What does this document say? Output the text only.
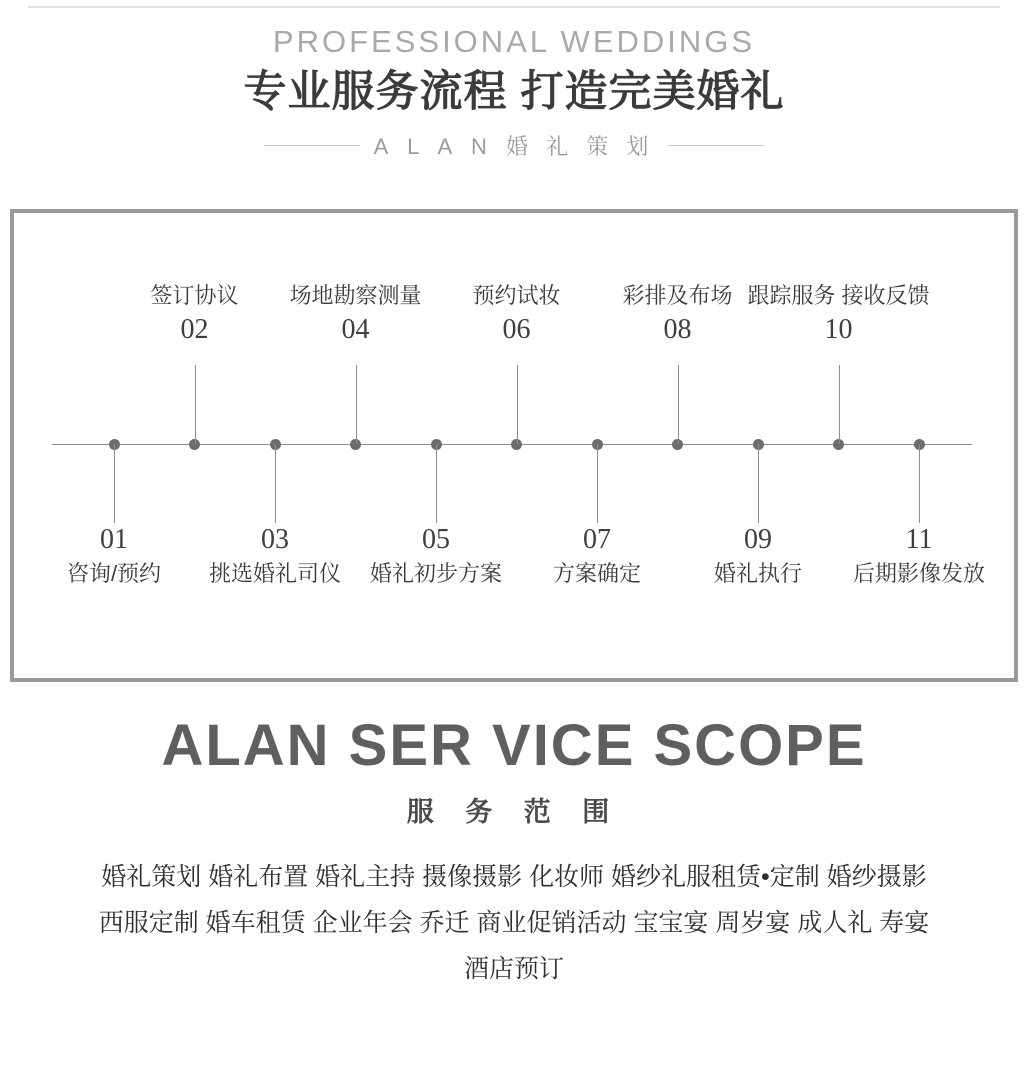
PROFESSIONAL WEDDINGS
专业服务流程 打造完美婚礼
A L A N 婚 礼 策 划
01
咨询/预约
签订协议
02
03
挑选婚礼司仪
场地勘察测量
04
05
婚礼初步方案
预约试妆
06
07
方案确定
彩排及布场
08
09
婚礼执行
跟踪服务 接收反馈
10
11
后期影像发放
ALAN SER VICE SCOPE
服 务 范 围
婚礼策划 婚礼布置 婚礼主持 摄像摄影 化妆师 婚纱礼服租赁•定制 婚纱摄影
西服定制 婚车租赁 企业年会 乔迁 商业促销活动 宝宝宴 周岁宴 成人礼 寿宴
酒店预订
